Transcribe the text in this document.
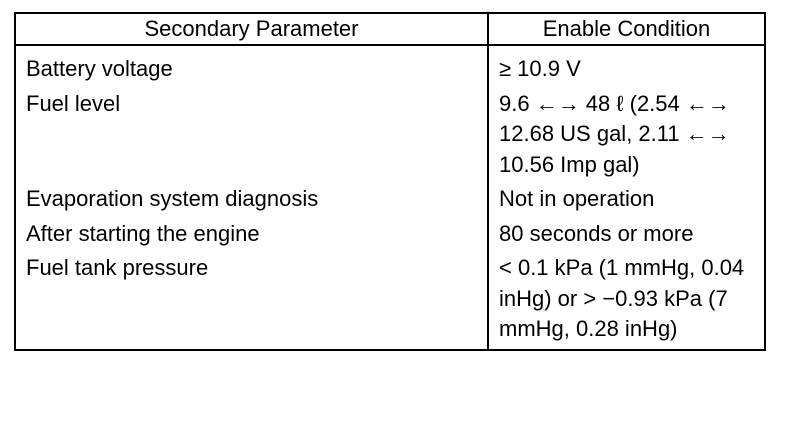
Secondary Parameter	Enable Condition
Battery voltage	≥ 10.9 V
Fuel level	9.6 ←→ 48 ℓ (2.54 ←→ 12.68 US gal, 2.11 ←→ 10.56 Imp gal)
Evaporation system diagnosis	Not in operation
After starting the engine	80 seconds or more
Fuel tank pressure	< 0.1 kPa (1 mmHg, 0.04 inHg) or > −0.93 kPa (7 mmHg, 0.28 inHg)
